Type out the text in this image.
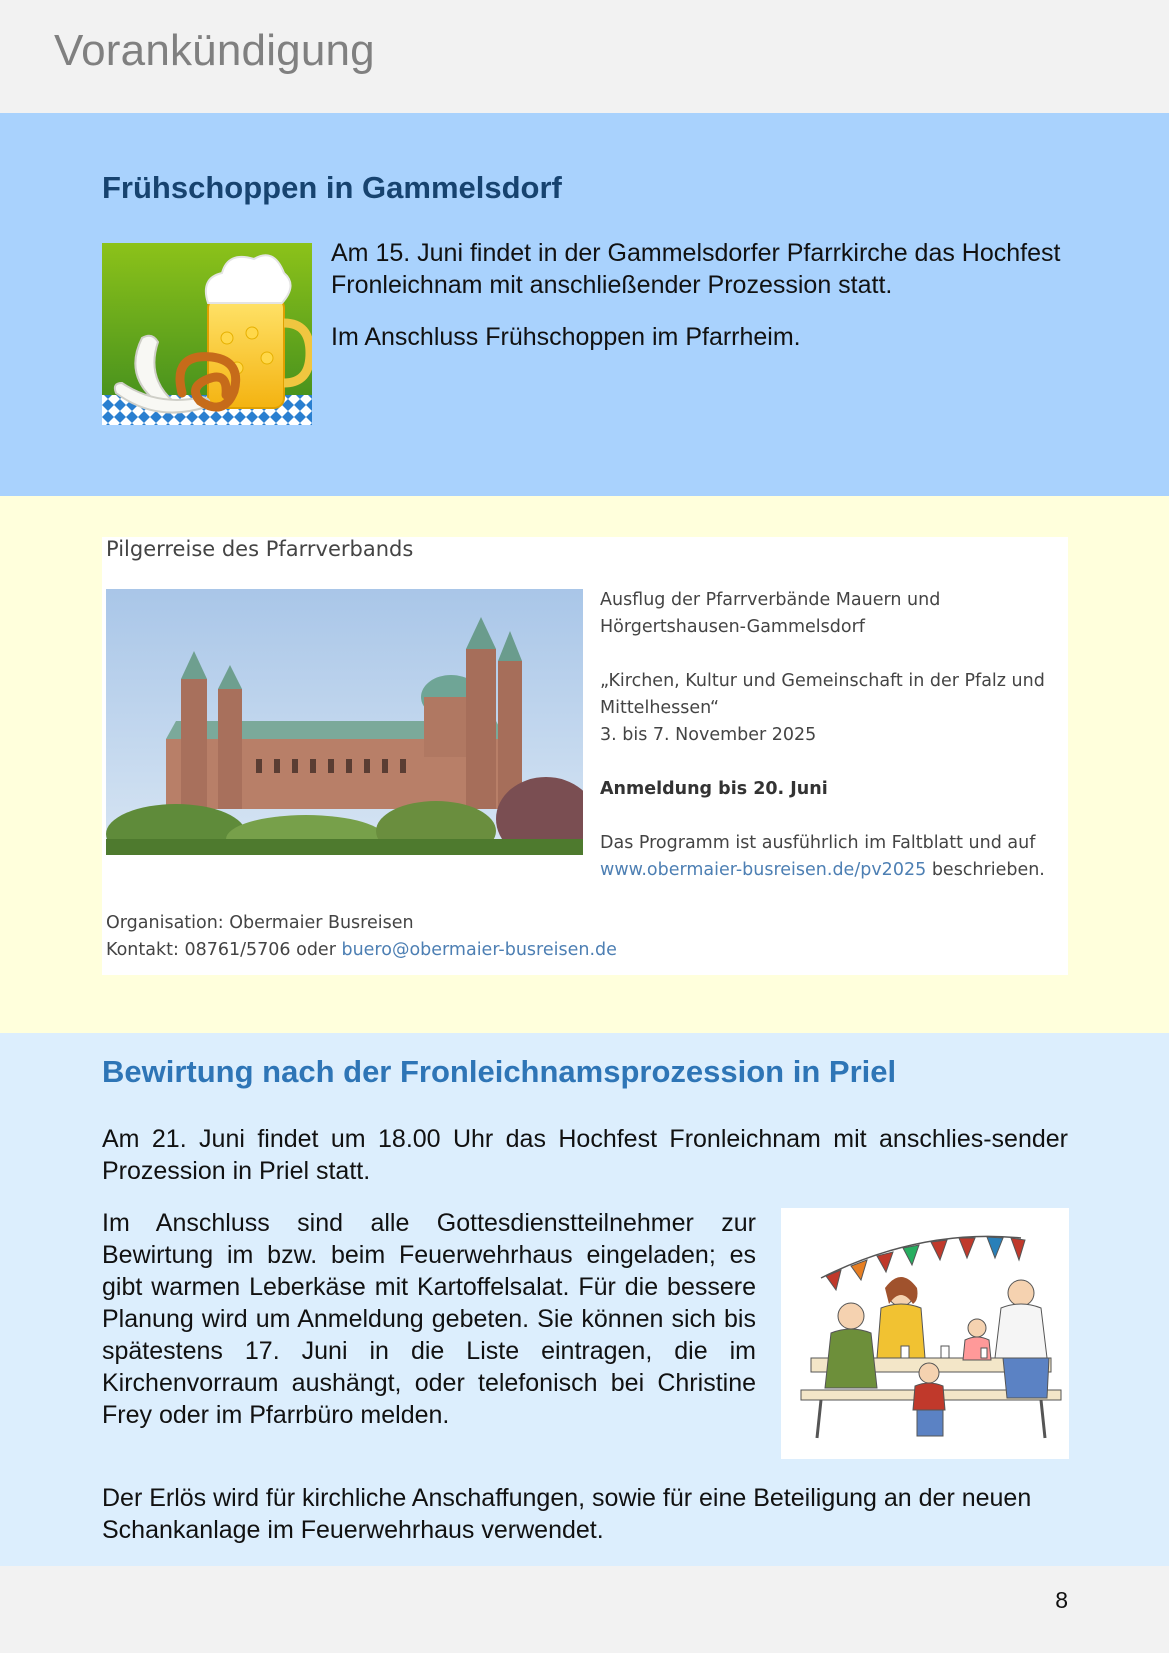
Vorankündigung
Frühschoppen in Gammelsdorf

Am 15. Juni findet in der Gammelsdorfer Pfarrkirche das Hochfest Fronleichnam mit anschließender Prozession statt.

Im Anschluss Frühschoppen im Pfarrheim.

Pilgerreise des Pfarrverbands

Ausflug der Pfarrverbände Mauern und Hörgertshausen-Gammelsdorf

„Kirchen, Kultur und Gemeinschaft in der Pfalz und Mittelhessen“
3. bis 7. November 2025

Anmeldung bis 20. Juni

Das Programm ist ausführlich im Faltblatt und auf
www.obermaier-busreisen.de/pv2025 beschrieben.

Organisation: Obermaier Busreisen
Kontakt: 08761/5706 oder buero@obermaier-busreisen.de
Bewirtung nach der Fronleichnamsprozession in Priel

Am 21. Juni findet um 18.00 Uhr das Hochfest Fronleichnam mit anschlies-sender Prozession in Priel statt.

Im Anschluss sind alle Gottesdienstteilnehmer zur Bewirtung im bzw. beim Feuerwehrhaus eingeladen; es gibt warmen Leberkäse mit Kartoffelsalat. Für die bessere Planung wird um Anmeldung gebeten. Sie können sich bis spätestens 17. Juni in die Liste eintragen, die im Kirchenvorraum aushängt, oder telefonisch bei Christine Frey oder im Pfarrbüro melden.

Der Erlös wird für kirchliche Anschaffungen, sowie für eine Beteiligung an der neuen Schankanlage im Feuerwehrhaus verwendet.

8
